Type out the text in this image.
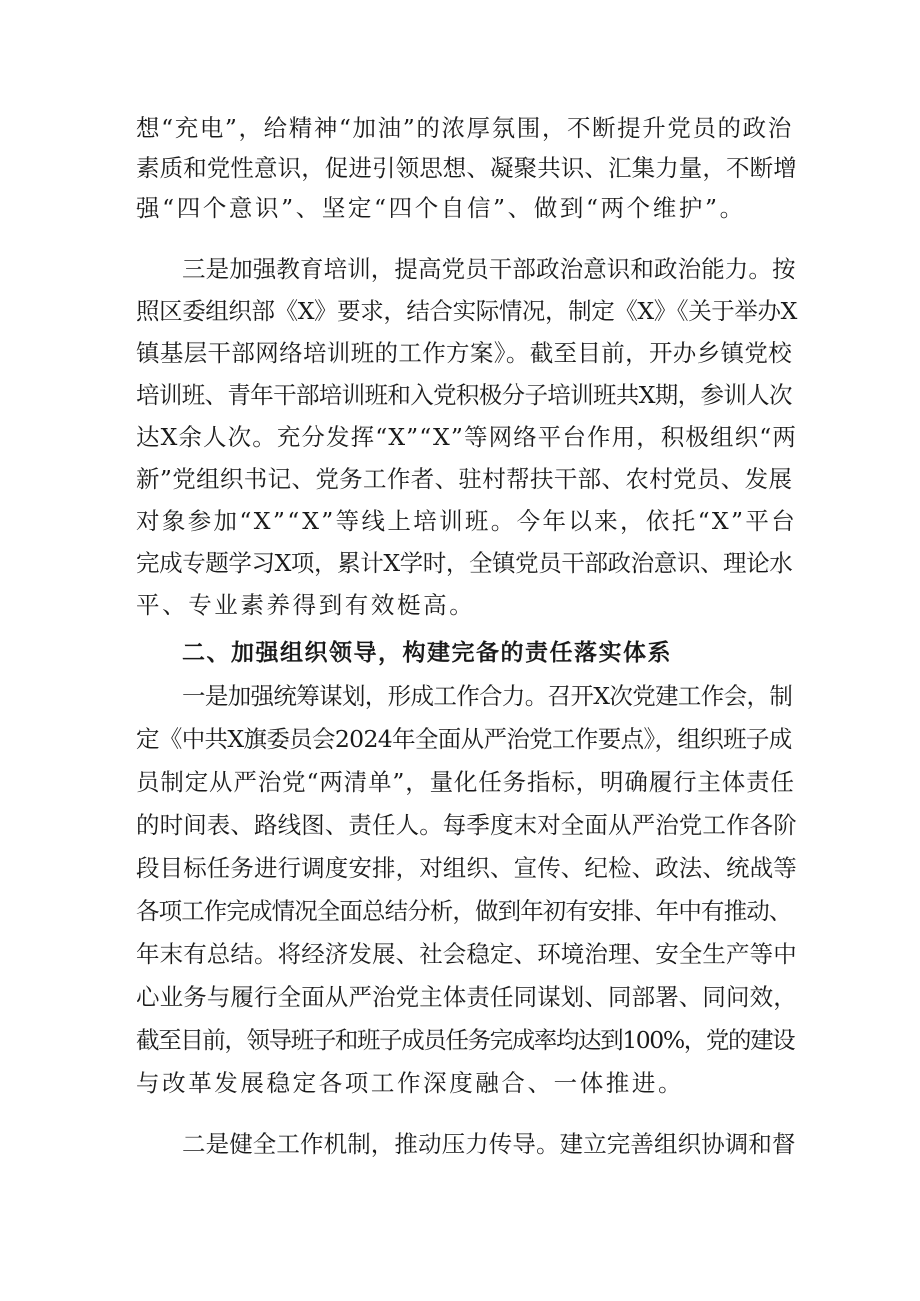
想“充电”，给精神“加油”的浓厚氛围，不断提升党员的政治
素质和党性意识，促进引领思想、凝聚共识、汇集力量，不断增
强“四个意识”、坚定“四个自信”、做到“两个维护”。
三是加强教育培训，提高党员干部政治意识和政治能力。按
照区委组织部《X》要求，结合实际情况，制定《X》《关于举办X
镇基层干部网络培训班的工作方案》。截至目前，开办乡镇党校
培训班、青年干部培训班和入党积极分子培训班共X期，参训人次
达X余人次。充分发挥“X”“X”等网络平台作用，积极组织“两
新”党组织书记、党务工作者、驻村帮扶干部、农村党员、发展
对象参加“X”“X”等线上培训班。今年以来，依托“X”平台
完成专题学习X项，累计X学时，全镇党员干部政治意识、理论水
平、专业素养得到有效梃高。
二、加强组织领导，构建完备的责任落实体系
一是加强统筹谋划，形成工作合力。召开X次党建工作会，制
定《中共X旗委员会2024年全面从严治党工作要点》，组织班子成
员制定从严治党“两清单”，量化任务指标，明确履行主体责任
的时间表、路线图、责任人。每季度末对全面从严治党工作各阶
段目标任务进行调度安排，对组织、宣传、纪检、政法、统战等
各项工作完成情况全面总结分析，做到年初有安排、年中有推动、
年末有总结。将经济发展、社会稳定、环境治理、安全生产等中
心业务与履行全面从严治党主体责任同谋划、同部署、同问效，
截至目前，领导班子和班子成员任务完成率均达到100%，党的建设
与改革发展稳定各项工作深度融合、一体推进。
二是健全工作机制，推动压力传导。建立完善组织协调和督
